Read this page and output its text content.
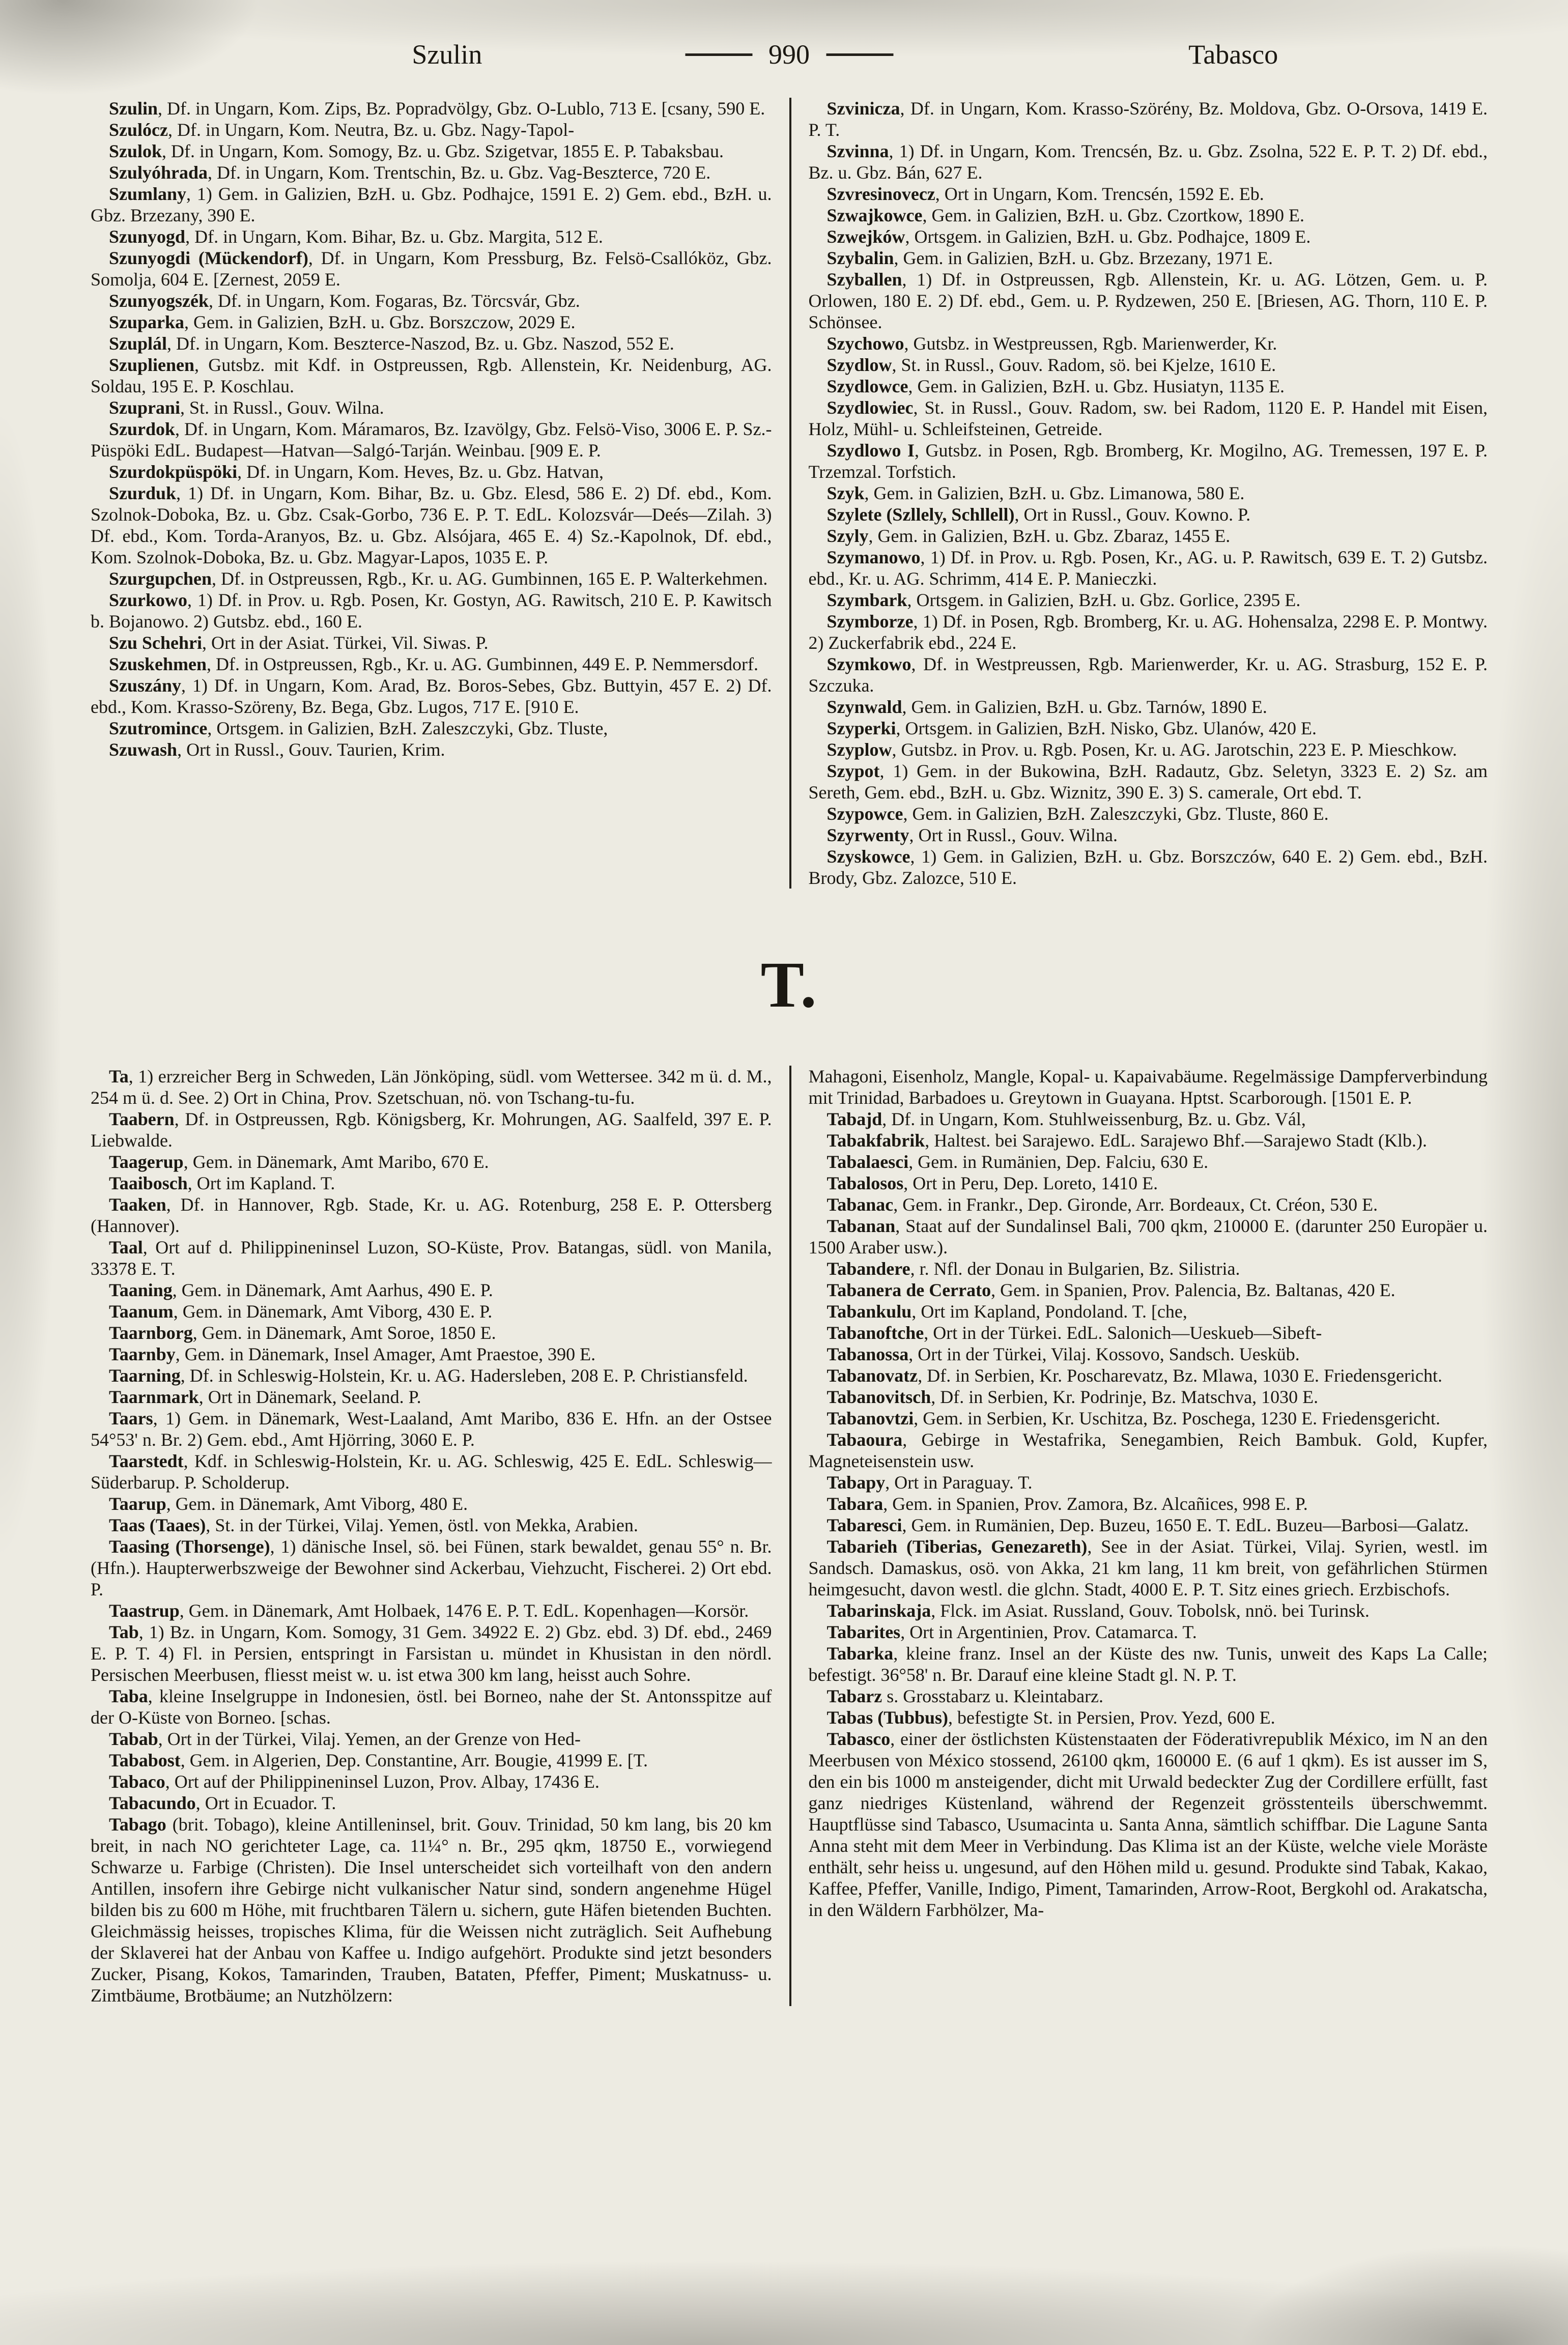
Szulin	990	Tabasco

Szulin, Df. in Ungarn, Kom. Zips, Bz. Popradvölgy, Gbz. O-Lublo, 713 E. [csany, 590 E.

Szulócz, Df. in Ungarn, Kom. Neutra, Bz. u. Gbz. Nagy-Tapol-

Szulok, Df. in Ungarn, Kom. Somogy, Bz. u. Gbz. Szigetvar, 1855 E. P. Tabaksbau.

Szulyóhrada, Df. in Ungarn, Kom. Trentschin, Bz. u. Gbz. Vag-Beszterce, 720 E.

Szumlany, 1) Gem. in Galizien, BzH. u. Gbz. Podhajce, 1591 E. 2) Gem. ebd., BzH. u. Gbz. Brzezany, 390 E.

Szunyogd, Df. in Ungarn, Kom. Bihar, Bz. u. Gbz. Margita, 512 E.

Szunyogdi (Mückendorf), Df. in Ungarn, Kom Pressburg, Bz. Felsö-Csallóköz, Gbz. Somolja, 604 E. [Zernest, 2059 E.

Szunyogszék, Df. in Ungarn, Kom. Fogaras, Bz. Törcsvár, Gbz.

Szuparka, Gem. in Galizien, BzH. u. Gbz. Borszczow, 2029 E.

Szuplál, Df. in Ungarn, Kom. Beszterce-Naszod, Bz. u. Gbz. Naszod, 552 E.

Szuplienen, Gutsbz. mit Kdf. in Ostpreussen, Rgb. Allenstein, Kr. Neidenburg, AG. Soldau, 195 E. P. Koschlau.

Szuprani, St. in Russl., Gouv. Wilna.

Szurdok, Df. in Ungarn, Kom. Máramaros, Bz. Izavölgy, Gbz. Felsö-Viso, 3006 E. P. Sz.-Püspöki EdL. Budapest—Hatvan—Salgó-Tarján. Weinbau. [909 E. P.

Szurdokpüspöki, Df. in Ungarn, Kom. Heves, Bz. u. Gbz. Hatvan,

Szurduk, 1) Df. in Ungarn, Kom. Bihar, Bz. u. Gbz. Elesd, 586 E. 2) Df. ebd., Kom. Szolnok-Doboka, Bz. u. Gbz. Csak-Gorbo, 736 E. P. T. EdL. Kolozsvár—Deés—Zilah. 3) Df. ebd., Kom. Torda-Aranyos, Bz. u. Gbz. Alsójara, 465 E. 4) Sz.-Kapolnok, Df. ebd., Kom. Szolnok-Doboka, Bz. u. Gbz. Magyar-Lapos, 1035 E. P.

Szurgupchen, Df. in Ostpreussen, Rgb., Kr. u. AG. Gumbinnen, 165 E. P. Walterkehmen.

Szurkowo, 1) Df. in Prov. u. Rgb. Posen, Kr. Gostyn, AG. Rawitsch, 210 E. P. Kawitsch b. Bojanowo. 2) Gutsbz. ebd., 160 E.

Szu Schehri, Ort in der Asiat. Türkei, Vil. Siwas. P.

Szuskehmen, Df. in Ostpreussen, Rgb., Kr. u. AG. Gumbinnen, 449 E. P. Nemmersdorf.

Szuszány, 1) Df. in Ungarn, Kom. Arad, Bz. Boros-Sebes, Gbz. Buttyin, 457 E. 2) Df. ebd., Kom. Krasso-Szöreny, Bz. Bega, Gbz. Lugos, 717 E. [910 E.

Szutromince, Ortsgem. in Galizien, BzH. Zaleszczyki, Gbz. Tluste,

Szuwash, Ort in Russl., Gouv. Taurien, Krim.

Szvinicza, Df. in Ungarn, Kom. Krasso-Szörény, Bz. Moldova, Gbz. O-Orsova, 1419 E. P. T.

Szvinna, 1) Df. in Ungarn, Kom. Trencsén, Bz. u. Gbz. Zsolna, 522 E. P. T. 2) Df. ebd., Bz. u. Gbz. Bán, 627 E.

Szvresinovecz, Ort in Ungarn, Kom. Trencsén, 1592 E. Eb.

Szwajkowce, Gem. in Galizien, BzH. u. Gbz. Czortkow, 1890 E.

Szwejków, Ortsgem. in Galizien, BzH. u. Gbz. Podhajce, 1809 E.

Szybalin, Gem. in Galizien, BzH. u. Gbz. Brzezany, 1971 E.

Szyballen, 1) Df. in Ostpreussen, Rgb. Allenstein, Kr. u. AG. Lötzen, Gem. u. P. Orlowen, 180 E. 2) Df. ebd., Gem. u. P. Rydzewen, 250 E. [Briesen, AG. Thorn, 110 E. P. Schönsee.

Szychowo, Gutsbz. in Westpreussen, Rgb. Marienwerder, Kr.

Szydlow, St. in Russl., Gouv. Radom, sö. bei Kjelze, 1610 E.

Szydlowce, Gem. in Galizien, BzH. u. Gbz. Husiatyn, 1135 E.

Szydlowiec, St. in Russl., Gouv. Radom, sw. bei Radom, 1120 E. P. Handel mit Eisen, Holz, Mühl- u. Schleifsteinen, Getreide.

Szydlowo I, Gutsbz. in Posen, Rgb. Bromberg, Kr. Mogilno, AG. Tremessen, 197 E. P. Trzemzal. Torfstich.

Szyk, Gem. in Galizien, BzH. u. Gbz. Limanowa, 580 E.

Szylete (Szllely, Schllell), Ort in Russl., Gouv. Kowno. P.

Szyly, Gem. in Galizien, BzH. u. Gbz. Zbaraz, 1455 E.

Szymanowo, 1) Df. in Prov. u. Rgb. Posen, Kr., AG. u. P. Rawitsch, 639 E. T. 2) Gutsbz. ebd., Kr. u. AG. Schrimm, 414 E. P. Manieczki.

Szymbark, Ortsgem. in Galizien, BzH. u. Gbz. Gorlice, 2395 E.

Szymborze, 1) Df. in Posen, Rgb. Bromberg, Kr. u. AG. Hohensalza, 2298 E. P. Montwy. 2) Zuckerfabrik ebd., 224 E.

Szymkowo, Df. in Westpreussen, Rgb. Marienwerder, Kr. u. AG. Strasburg, 152 E. P. Szczuka.

Szynwald, Gem. in Galizien, BzH. u. Gbz. Tarnów, 1890 E.

Szyperki, Ortsgem. in Galizien, BzH. Nisko, Gbz. Ulanów, 420 E.

Szyplow, Gutsbz. in Prov. u. Rgb. Posen, Kr. u. AG. Jarotschin, 223 E. P. Mieschkow.

Szypot, 1) Gem. in der Bukowina, BzH. Radautz, Gbz. Seletyn, 3323 E. 2) Sz. am Sereth, Gem. ebd., BzH. u. Gbz. Wiznitz, 390 E. 3) S. camerale, Ort ebd. T.

Szypowce, Gem. in Galizien, BzH. Zaleszczyki, Gbz. Tluste, 860 E.

Szyrwenty, Ort in Russl., Gouv. Wilna.

Szyskowce, 1) Gem. in Galizien, BzH. u. Gbz. Borszczów, 640 E. 2) Gem. ebd., BzH. Brody, Gbz. Zalozce, 510 E.

T.

Ta, 1) erzreicher Berg in Schweden, Län Jönköping, südl. vom Wettersee. 342 m ü. d. M., 254 m ü. d. See. 2) Ort in China, Prov. Szetschuan, nö. von Tschang-tu-fu.

Taabern, Df. in Ostpreussen, Rgb. Königsberg, Kr. Mohrungen, AG. Saalfeld, 397 E. P. Liebwalde.

Taagerup, Gem. in Dänemark, Amt Maribo, 670 E.

Taaibosch, Ort im Kapland. T.

Taaken, Df. in Hannover, Rgb. Stade, Kr. u. AG. Rotenburg, 258 E. P. Ottersberg (Hannover).

Taal, Ort auf d. Philippineninsel Luzon, SO-Küste, Prov. Batangas, südl. von Manila, 33378 E. T.

Taaning, Gem. in Dänemark, Amt Aarhus, 490 E. P.

Taanum, Gem. in Dänemark, Amt Viborg, 430 E. P.

Taarnborg, Gem. in Dänemark, Amt Soroe, 1850 E.

Taarnby, Gem. in Dänemark, Insel Amager, Amt Praestoe, 390 E.

Taarning, Df. in Schleswig-Holstein, Kr. u. AG. Hadersleben, 208 E. P. Christiansfeld.

Taarnmark, Ort in Dänemark, Seeland. P.

Taars, 1) Gem. in Dänemark, West-Laaland, Amt Maribo, 836 E. Hfn. an der Ostsee 54°53' n. Br. 2) Gem. ebd., Amt Hjörring, 3060 E. P.

Taarstedt, Kdf. in Schleswig-Holstein, Kr. u. AG. Schleswig, 425 E. EdL. Schleswig—Süderbarup. P. Scholderup.

Taarup, Gem. in Dänemark, Amt Viborg, 480 E.

Taas (Taaes), St. in der Türkei, Vilaj. Yemen, östl. von Mekka, Arabien.

Taasing (Thorsenge), 1) dänische Insel, sö. bei Fünen, stark bewaldet, genau 55° n. Br. (Hfn.). Haupterwerbszweige der Bewohner sind Ackerbau, Viehzucht, Fischerei. 2) Ort ebd. P.

Taastrup, Gem. in Dänemark, Amt Holbaek, 1476 E. P. T. EdL. Kopenhagen—Korsör.

Tab, 1) Bz. in Ungarn, Kom. Somogy, 31 Gem. 34922 E. 2) Gbz. ebd. 3) Df. ebd., 2469 E. P. T. 4) Fl. in Persien, entspringt in Farsistan u. mündet in Khusistan in den nördl. Persischen Meerbusen, fliesst meist w. u. ist etwa 300 km lang, heisst auch Sohre.

Taba, kleine Inselgruppe in Indonesien, östl. bei Borneo, nahe der St. Antonsspitze auf der O-Küste von Borneo. [schas.

Tabab, Ort in der Türkei, Vilaj. Yemen, an der Grenze von Hed-

Tababost, Gem. in Algerien, Dep. Constantine, Arr. Bougie, 41999 E. [T.

Tabaco, Ort auf der Philippineninsel Luzon, Prov. Albay, 17436 E.

Tabacundo, Ort in Ecuador. T.

Tabago (brit. Tobago), kleine Antilleninsel, brit. Gouv. Trinidad, 50 km lang, bis 20 km breit, in nach NO gerichteter Lage, ca. 11¼° n. Br., 295 qkm, 18750 E., vorwiegend Schwarze u. Farbige (Christen). Die Insel unterscheidet sich vorteilhaft von den andern Antillen, insofern ihre Gebirge nicht vulkanischer Natur sind, sondern angenehme Hügel bilden bis zu 600 m Höhe, mit fruchtbaren Tälern u. sichern, gute Häfen bietenden Buchten. Gleichmässig heisses, tropisches Klima, für die Weissen nicht zuträglich. Seit Aufhebung der Sklaverei hat der Anbau von Kaffee u. Indigo aufgehört. Produkte sind jetzt besonders Zucker, Pisang, Kokos, Tamarinden, Trauben, Bataten, Pfeffer, Piment; Muskatnuss- u. Zimtbäume, Brotbäume; an Nutzhölzern:

Mahagoni, Eisenholz, Mangle, Kopal- u. Kapaivabäume. Regelmässige Dampferverbindung mit Trinidad, Barbadoes u. Greytown in Guayana. Hptst. Scarborough. [1501 E. P.

Tabajd, Df. in Ungarn, Kom. Stuhlweissenburg, Bz. u. Gbz. Vál,

Tabakfabrik, Haltest. bei Sarajewo. EdL. Sarajewo Bhf.—Sarajewo Stadt (Klb.).

Tabalaesci, Gem. in Rumänien, Dep. Falciu, 630 E.

Tabalosos, Ort in Peru, Dep. Loreto, 1410 E.

Tabanac, Gem. in Frankr., Dep. Gironde, Arr. Bordeaux, Ct. Créon, 530 E.

Tabanan, Staat auf der Sundalinsel Bali, 700 qkm, 210000 E. (darunter 250 Europäer u. 1500 Araber usw.).

Tabandere, r. Nfl. der Donau in Bulgarien, Bz. Silistria.

Tabanera de Cerrato, Gem. in Spanien, Prov. Palencia, Bz. Baltanas, 420 E.

Tabankulu, Ort im Kapland, Pondoland. T. [che,

Tabanoftche, Ort in der Türkei. EdL. Salonich—Ueskueb—Sibeft-

Tabanossa, Ort in der Türkei, Vilaj. Kossovo, Sandsch. Uesküb.

Tabanovatz, Df. in Serbien, Kr. Poscharevatz, Bz. Mlawa, 1030 E. Friedensgericht.

Tabanovitsch, Df. in Serbien, Kr. Podrinje, Bz. Matschva, 1030 E.

Tabanovtzi, Gem. in Serbien, Kr. Uschitza, Bz. Poschega, 1230 E. Friedensgericht.

Tabaoura, Gebirge in Westafrika, Senegambien, Reich Bambuk. Gold, Kupfer, Magneteisenstein usw.

Tabapy, Ort in Paraguay. T.

Tabara, Gem. in Spanien, Prov. Zamora, Bz. Alcañices, 998 E. P.

Tabaresci, Gem. in Rumänien, Dep. Buzeu, 1650 E. T. EdL. Buzeu—Barbosi—Galatz.

Tabarieh (Tiberias, Genezareth), See in der Asiat. Türkei, Vilaj. Syrien, westl. im Sandsch. Damaskus, osö. von Akka, 21 km lang, 11 km breit, von gefährlichen Stürmen heimgesucht, davon westl. die glchn. Stadt, 4000 E. P. T. Sitz eines griech. Erzbischofs.

Tabarinskaja, Flck. im Asiat. Russland, Gouv. Tobolsk, nnö. bei Turinsk.

Tabarites, Ort in Argentinien, Prov. Catamarca. T.

Tabarka, kleine franz. Insel an der Küste des nw. Tunis, unweit des Kaps La Calle; befestigt. 36°58' n. Br. Darauf eine kleine Stadt gl. N. P. T.

Tabarz s. Grosstabarz u. Kleintabarz.

Tabas (Tubbus), befestigte St. in Persien, Prov. Yezd, 600 E.

Tabasco, einer der östlichsten Küstenstaaten der Föderativrepublik México, im N an den Meerbusen von México stossend, 26100 qkm, 160000 E. (6 auf 1 qkm). Es ist ausser im S, den ein bis 1000 m ansteigender, dicht mit Urwald bedeckter Zug der Cordillere erfüllt, fast ganz niedriges Küstenland, während der Regenzeit grösstenteils überschwemmt. Hauptflüsse sind Tabasco, Usumacinta u. Santa Anna, sämtlich schiffbar. Die Lagune Santa Anna steht mit dem Meer in Verbindung. Das Klima ist an der Küste, welche viele Moräste enthält, sehr heiss u. ungesund, auf den Höhen mild u. gesund. Produkte sind Tabak, Kakao, Kaffee, Pfeffer, Vanille, Indigo, Piment, Tamarinden, Arrow-Root, Bergkohl od. Arakatscha, in den Wäldern Farbhölzer, Ma-
